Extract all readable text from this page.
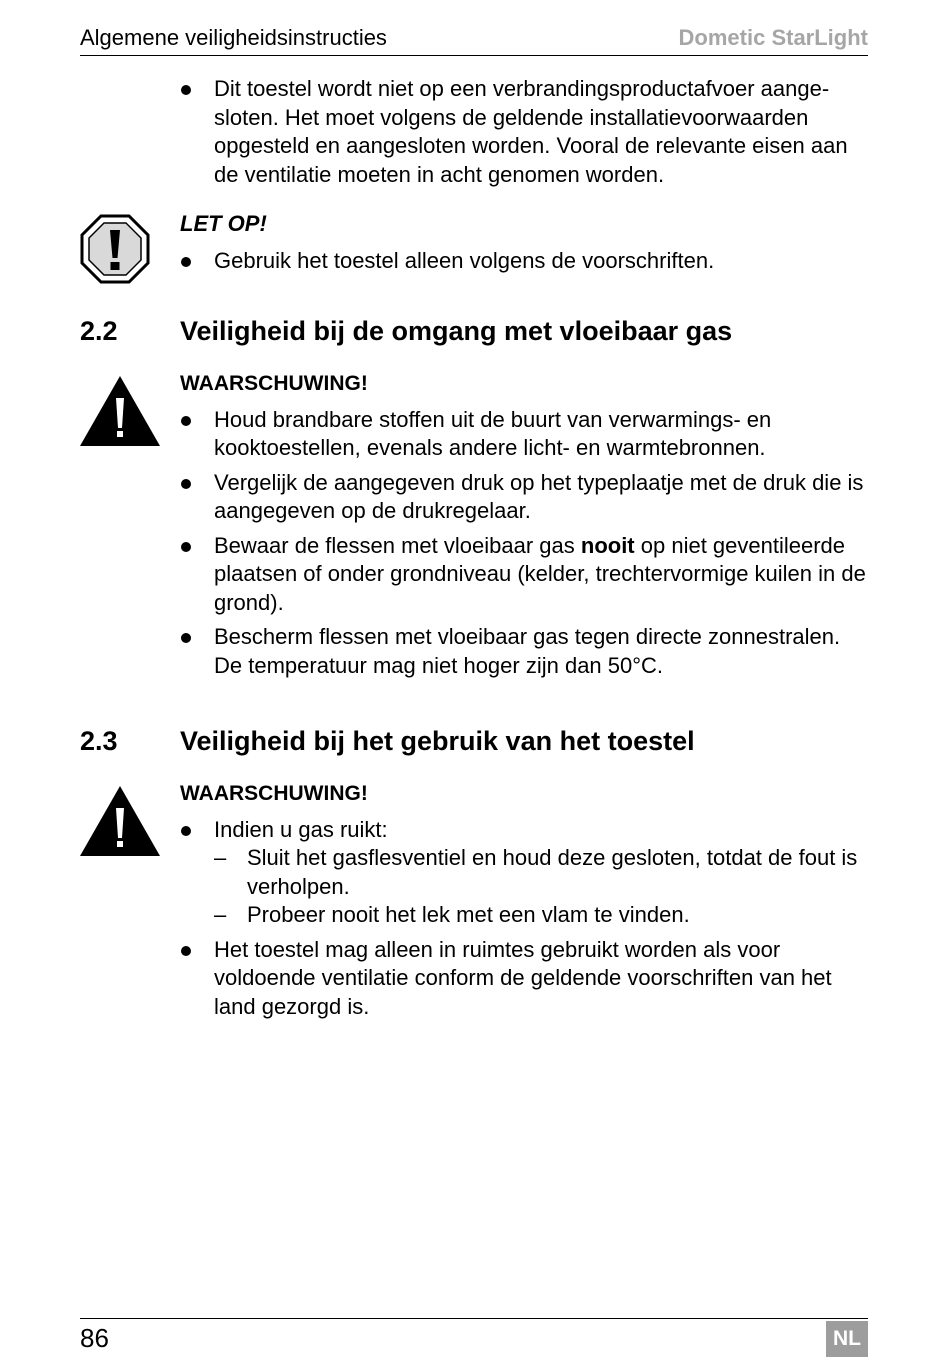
Algemene veiligheidsinstructies	Dometic StarLight

Dit toestel wordt niet op een verbrandingsproductafvoer aange-sloten. Het moet volgens de geldende installatievoorwaarden opgesteld en aangesloten worden. Vooral de relevante eisen aan de ventilatie moeten in acht genomen worden.

LET OP!

Gebruik het toestel alleen volgens de voorschriften.

2.2 Veiligheid bij de omgang met vloeibaar gas

WAARSCHUWING!

Houd brandbare stoffen uit de buurt van verwarmings- en kooktoestellen, evenals andere licht- en warmtebronnen.

Vergelijk de aangegeven druk op het typeplaatje met de druk die is aangegeven op de drukregelaar.

Bewaar de flessen met vloeibaar gas nooit op niet geventileerde plaatsen of onder grondniveau (kelder, trechtervormige kuilen in de grond).

Bescherm flessen met vloeibaar gas tegen directe zonnestralen. De temperatuur mag niet hoger zijn dan 50°C.

2.3 Veiligheid bij het gebruik van het toestel

WAARSCHUWING!

Indien u gas ruikt:

– Sluit het gasflesventiel en houd deze gesloten, totdat de fout is verholpen.

– Probeer nooit het lek met een vlam te vinden.

Het toestel mag alleen in ruimtes gebruikt worden als voor voldoende ventilatie conform de geldende voorschriften van het land gezorgd is.

86	NL
